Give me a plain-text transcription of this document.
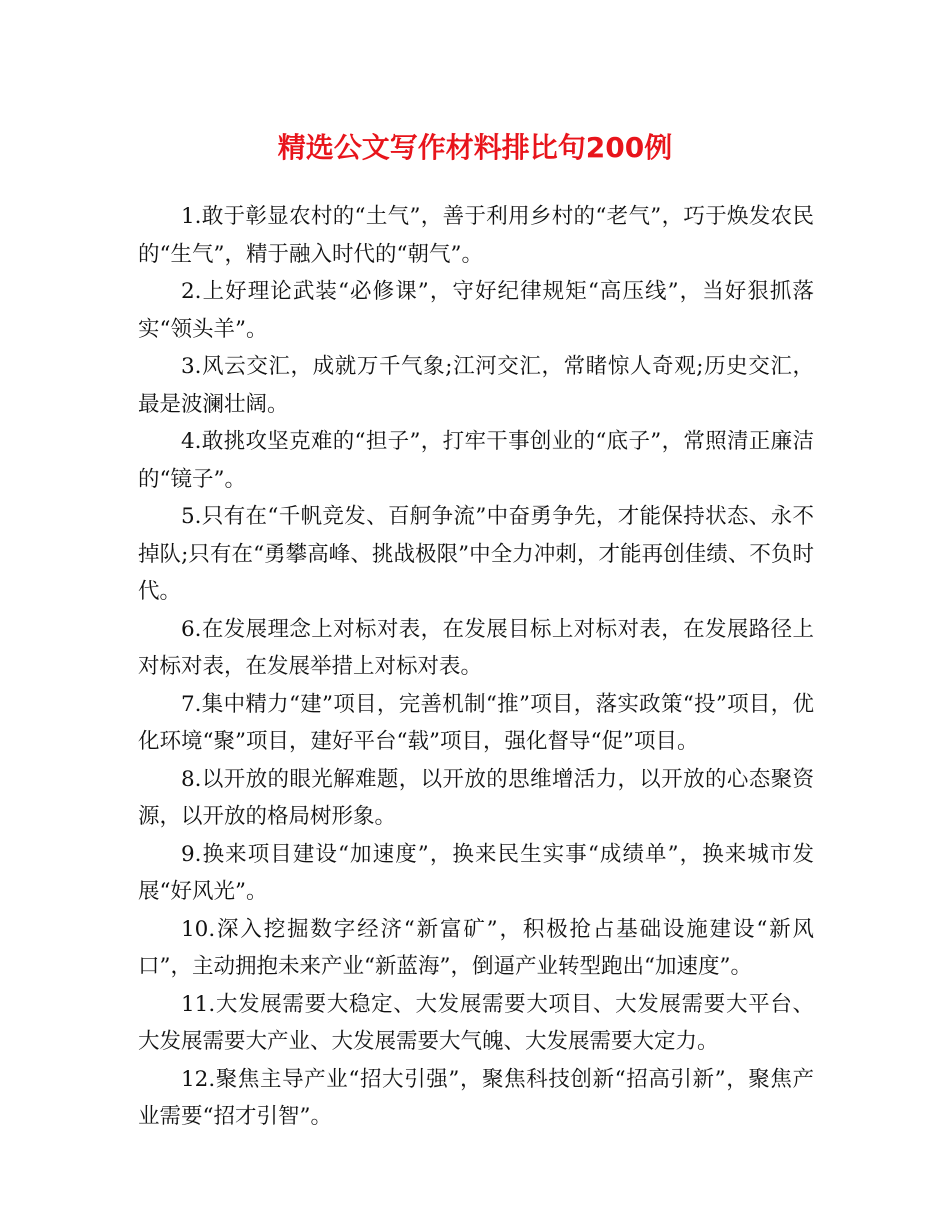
精选公文写作材料排比句200例

1.敢于彰显农村的“土气”，善于利用乡村的“老气”，巧于焕发农民的“生气”，精于融入时代的“朝气”。

2.上好理论武装“必修课”，守好纪律规矩“高压线”，当好狠抓落实“领头羊”。

3.风云交汇，成就万千气象;江河交汇，常睹惊人奇观;历史交汇，最是波澜壮阔。

4.敢挑攻坚克难的“担子”，打牢干事创业的“底子”，常照清正廉洁的“镜子”。

5.只有在“千帆竞发、百舸争流”中奋勇争先，才能保持状态、永不掉队;只有在“勇攀高峰、挑战极限”中全力冲刺，才能再创佳绩、不负时代。

6.在发展理念上对标对表，在发展目标上对标对表，在发展路径上对标对表，在发展举措上对标对表。

7.集中精力“建”项目，完善机制“推”项目，落实政策“投”项目，优化环境“聚”项目，建好平台“载”项目，强化督导“促”项目。

8.以开放的眼光解难题，以开放的思维增活力，以开放的心态聚资源，以开放的格局树形象。

9.换来项目建设“加速度”，换来民生实事“成绩单”，换来城市发展“好风光”。

10.深入挖掘数字经济“新富矿”，积极抢占基础设施建设“新风口”，主动拥抱未来产业“新蓝海”，倒逼产业转型跑出“加速度”。

11.大发展需要大稳定、大发展需要大项目、大发展需要大平台、大发展需要大产业、大发展需要大气魄、大发展需要大定力。

12.聚焦主导产业“招大引强”，聚焦科技创新“招高引新”，聚焦产业需要“招才引智”。
